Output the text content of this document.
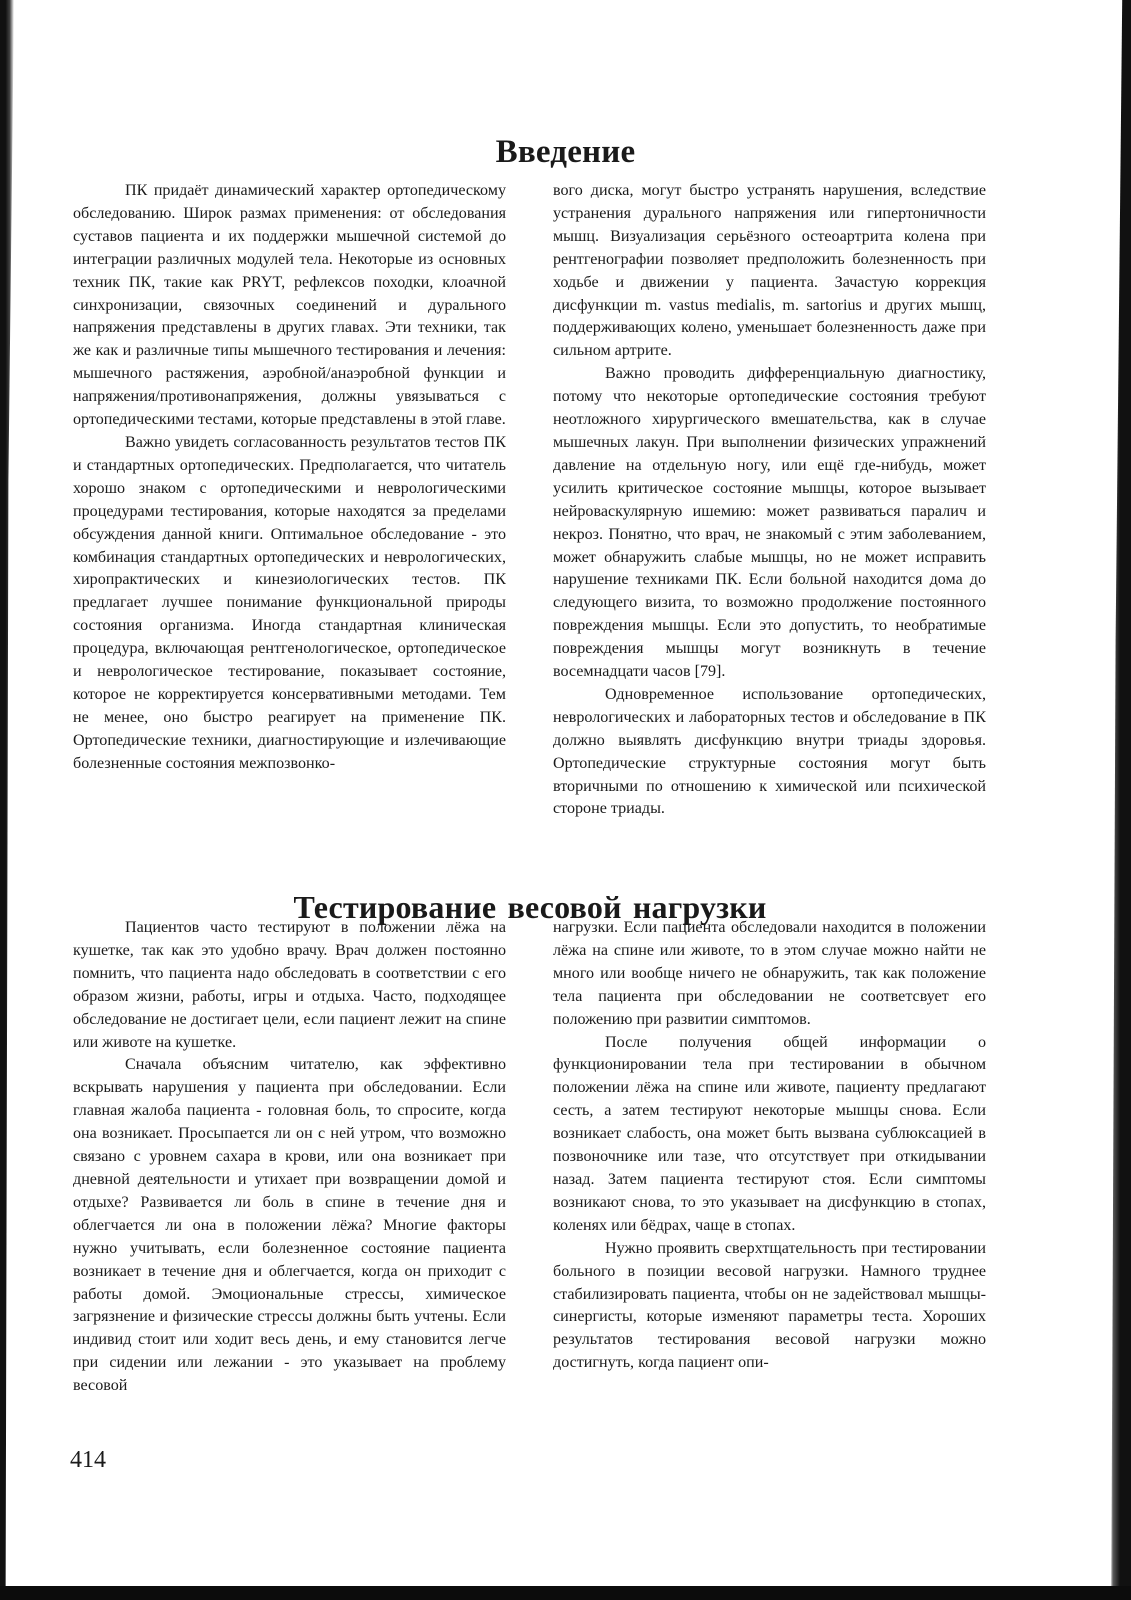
Введение

ПК придаёт динамический характер ортопедическому обследованию. Широк размах применения: от обследования суставов пациента и их поддержки мышечной системой до интеграции различных модулей тела. Некоторые из основных техник ПК, такие как PRYT, рефлексов походки, клоачной синхронизации, связочных соединений и дурального напряжения представлены в других главах. Эти техники, так же как и различные типы мышечного тестирования и лечения: мышечного растяжения, аэробной/анаэробной функции и напряжения/противонапряжения, должны увязываться с ортопедическими тестами, которые представлены в этой главе.

Важно увидеть согласованность результатов тестов ПК и стандартных ортопедических. Предполагается, что читатель хорошо знаком с ортопедическими и неврологическими процедурами тестирования, которые находятся за пределами обсуждения данной книги. Оптимальное обследование - это комбинация стандартных ортопедических и неврологических, хиропрактических и кинезиологических тестов. ПК предлагает лучшее понимание функциональной природы состояния организма. Иногда стандартная клиническая процедура, включающая рентгенологическое, ортопедическое и неврологическое тестирование, показывает состояние, которое не корректируется консервативными методами. Тем не менее, оно быстро реагирует на применение ПК. Ортопедические техники, диагностирующие и излечивающие болезненные состояния межпозвонко-

вого диска, могут быстро устранять нарушения, вследствие устранения дурального напряжения или гипертоничности мышц. Визуализация серьёзного остеоартрита колена при рентгенографии позволяет предположить болезненность при ходьбе и движении у пациента. Зачастую коррекция дисфункции m. vastus medialis, m. sartorius и других мышц, поддерживающих колено, уменьшает болезненность даже при сильном артрите.

Важно проводить дифференциальную диагностику, потому что некоторые ортопедические состояния требуют неотложного хирургического вмешательства, как в случае мышечных лакун. При выполнении физических упражнений давление на отдельную ногу, или ещё где-нибудь, может усилить критическое состояние мышцы, которое вызывает нейроваскулярную ишемию: может развиваться паралич и некроз. Понятно, что врач, не знакомый с этим заболеванием, может обнаружить слабые мышцы, но не может исправить нарушение техниками ПК. Если больной находится дома до следующего визита, то возможно продолжение постоянного повреждения мышцы. Если это допустить, то необратимые повреждения мышцы могут возникнуть в течение восемнадцати часов [79].

Одновременное использование ортопедических, неврологических и лабораторных тестов и обследование в ПК должно выявлять дисфункцию внутри триады здоровья. Ортопедические структурные состояния могут быть вторичными по отношению к химической или психической стороне триады.

Тестирование весовой нагрузки

Пациентов часто тестируют в положении лёжа на кушетке, так как это удобно врачу. Врач должен постоянно помнить, что пациента надо обследовать в соответствии с его образом жизни, работы, игры и отдыха. Часто, подходящее обследование не достигает цели, если пациент лежит на спине или животе на кушетке.

Сначала объясним читателю, как эффективно вскрывать нарушения у пациента при обследовании. Если главная жалоба пациента - головная боль, то спросите, когда она возникает. Просыпается ли он с ней утром, что возможно связано с уровнем сахара в крови, или она возникает при дневной деятельности и утихает при возвращении домой и отдыхе? Развивается ли боль в спине в течение дня и облегчается ли она в положении лёжа? Многие факторы нужно учитывать, если болезненное состояние пациента возникает в течение дня и облегчается, когда он приходит с работы домой. Эмоциональные стрессы, химическое загрязнение и физические стрессы должны быть учтены. Если индивид стоит или ходит весь день, и ему становится легче при сидении или лежании - это указывает на проблему весовой

нагрузки. Если пациента обследовали находится в положении лёжа на спине или животе, то в этом случае можно найти не много или вообще ничего не обнаружить, так как положение тела пациента при обследовании не соответсвует его положению при развитии симптомов.

После получения общей информации о функционировании тела при тестировании в обычном положении лёжа на спине или животе, пациенту предлагают сесть, а затем тестируют некоторые мышцы снова. Если возникает слабость, она может быть вызвана сублюксацией в позвоночнике или тазе, что отсутствует при откидывании назад. Затем пациента тестируют стоя. Если симптомы возникают снова, то это указывает на дисфункцию в стопах, коленях или бёдрах, чаще в стопах.

Нужно проявить сверхтщательность при тестировании больного в позиции весовой нагрузки. Намного труднее стабилизировать пациента, чтобы он не задействовал мышцы-синергисты, которые изменяют параметры теста. Хороших результатов тестирования весовой нагрузки можно достигнуть, когда пациент опи-

414
